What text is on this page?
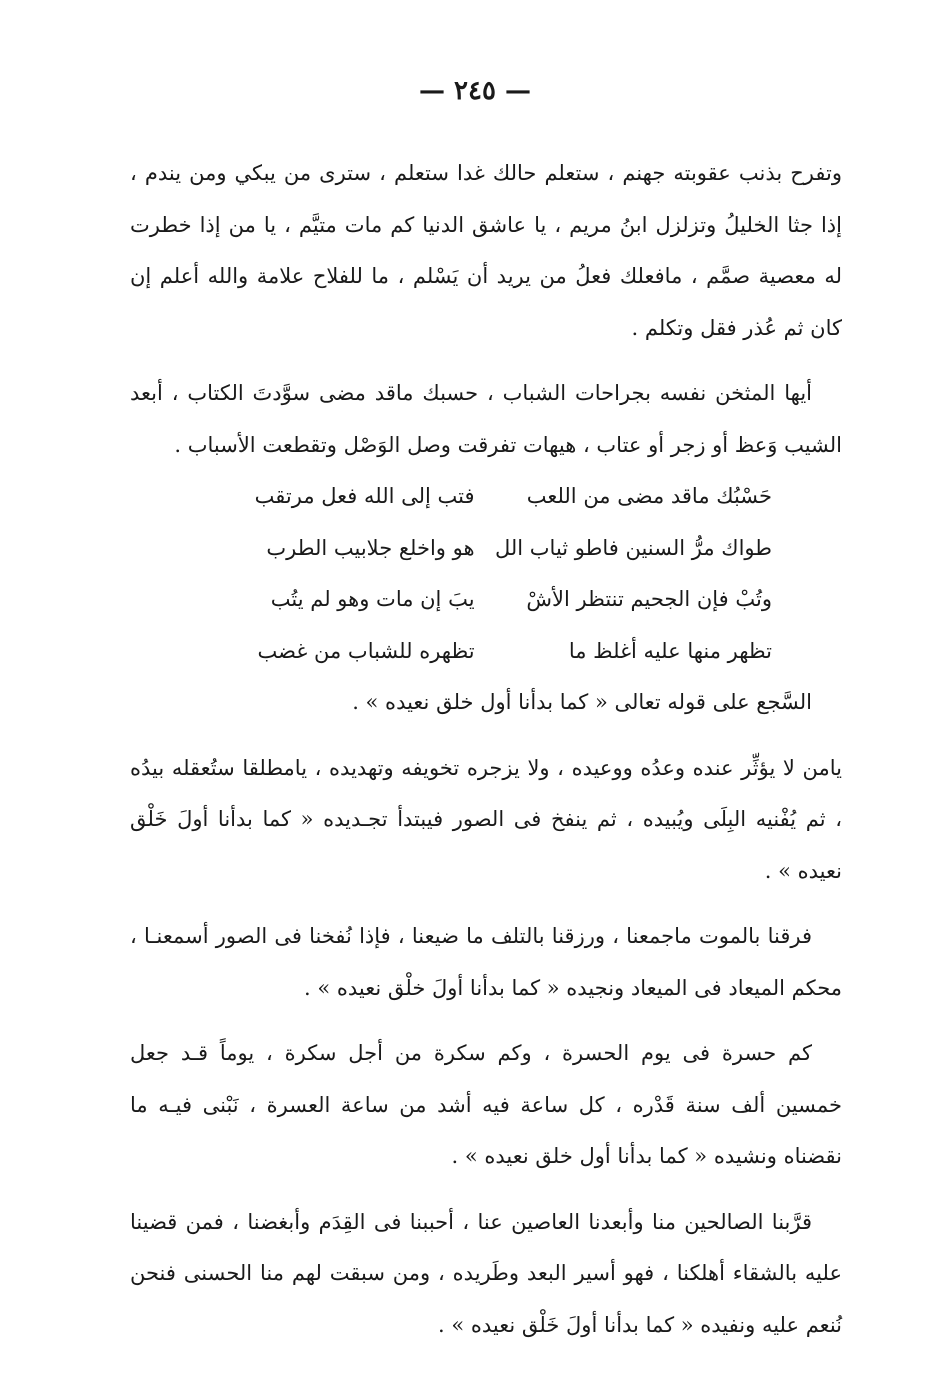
— ٢٤٥ —

وتفرح بذنب عقوبته جهنم ، ستعلم حالك غدا ستعلم ، سترى من يبكي ومن يندم ، إذا جثا الخليلُ وتزلزل ابنُ مريم ، يا عاشق الدنيا كم مات متيَّم ، يا من إذا خطرت له معصية صمَّم ، مافعلك فعلُ من يريد أن يَسْلم ، ما للفلاح علامة والله أعلم إن كان ثم عُذر فقل وتكلم .

أيها المثخن نفسه بجراحات الشباب ، حسبك ماقد مضى سوَّدتَ الكتاب ، أبعد الشيب وَعظ أو زجر أو عتاب ، هيهات تفرقت وصل الوَصْل وتقطعت الأسباب .

حَسْبُك ماقد مضى من اللعب
فتب إلى الله فعل مرتقب
طواك مرُّ السنين فاطو ثياب الل
هو واخلع جلابيب الطرب
وتُبْ فإن الجحيم تنتظر الأشْ
يبَ إن مات وهو لم يتُب
تظهر منها عليه أغلظ ما
تظهره للشباب من غضب

السَّجع على قوله تعالى « كما بدأنا أول خلق نعيده » .

يامن لا يؤثِّر عنده وعدُه ووعيده ، ولا يزجره تخويفه وتهديده ، يامطلقا ستُعقله بيدُه ، ثم يُفْنيه البِلَى ويُبيده ، ثم ينفخ فى الصور فيبتدأ تجـديده « كما بدأنا أولَ خَلْق نعيده » .

فرقنا بالموت ماجمعنا ، ورزقنا بالتلف ما ضيعنا ، فإذا نُفخنا فى الصور أسمعنـا ، محكم الميعاد فى الميعاد ونجيده « كما بدأنا أولَ خلْق نعيده » .

كم حسرة فى يوم الحسرة ، وكم سكرة من أجل سكرة ، يوماً قـد جعل خمسين ألف سنة قَدْره ، كل ساعة فيه أشد من ساعة العسرة ، نَبْنى فيـه ما نقضناه ونشيده « كما بدأنا أول خلق نعيده » .

قرَّبنا الصالحين منا وأبعدنا العاصين عنا ، أحببنا فى القِدَم وأبغضنا ، فمن قضينا عليه بالشقاء أهلكنا ، فهو أسير البعد وطَريده ، ومن سبقت لهم منا الحسنى فنحن نُنعم عليه ونفيده « كما بدأنا أولَ خَلْق نعيده » .
